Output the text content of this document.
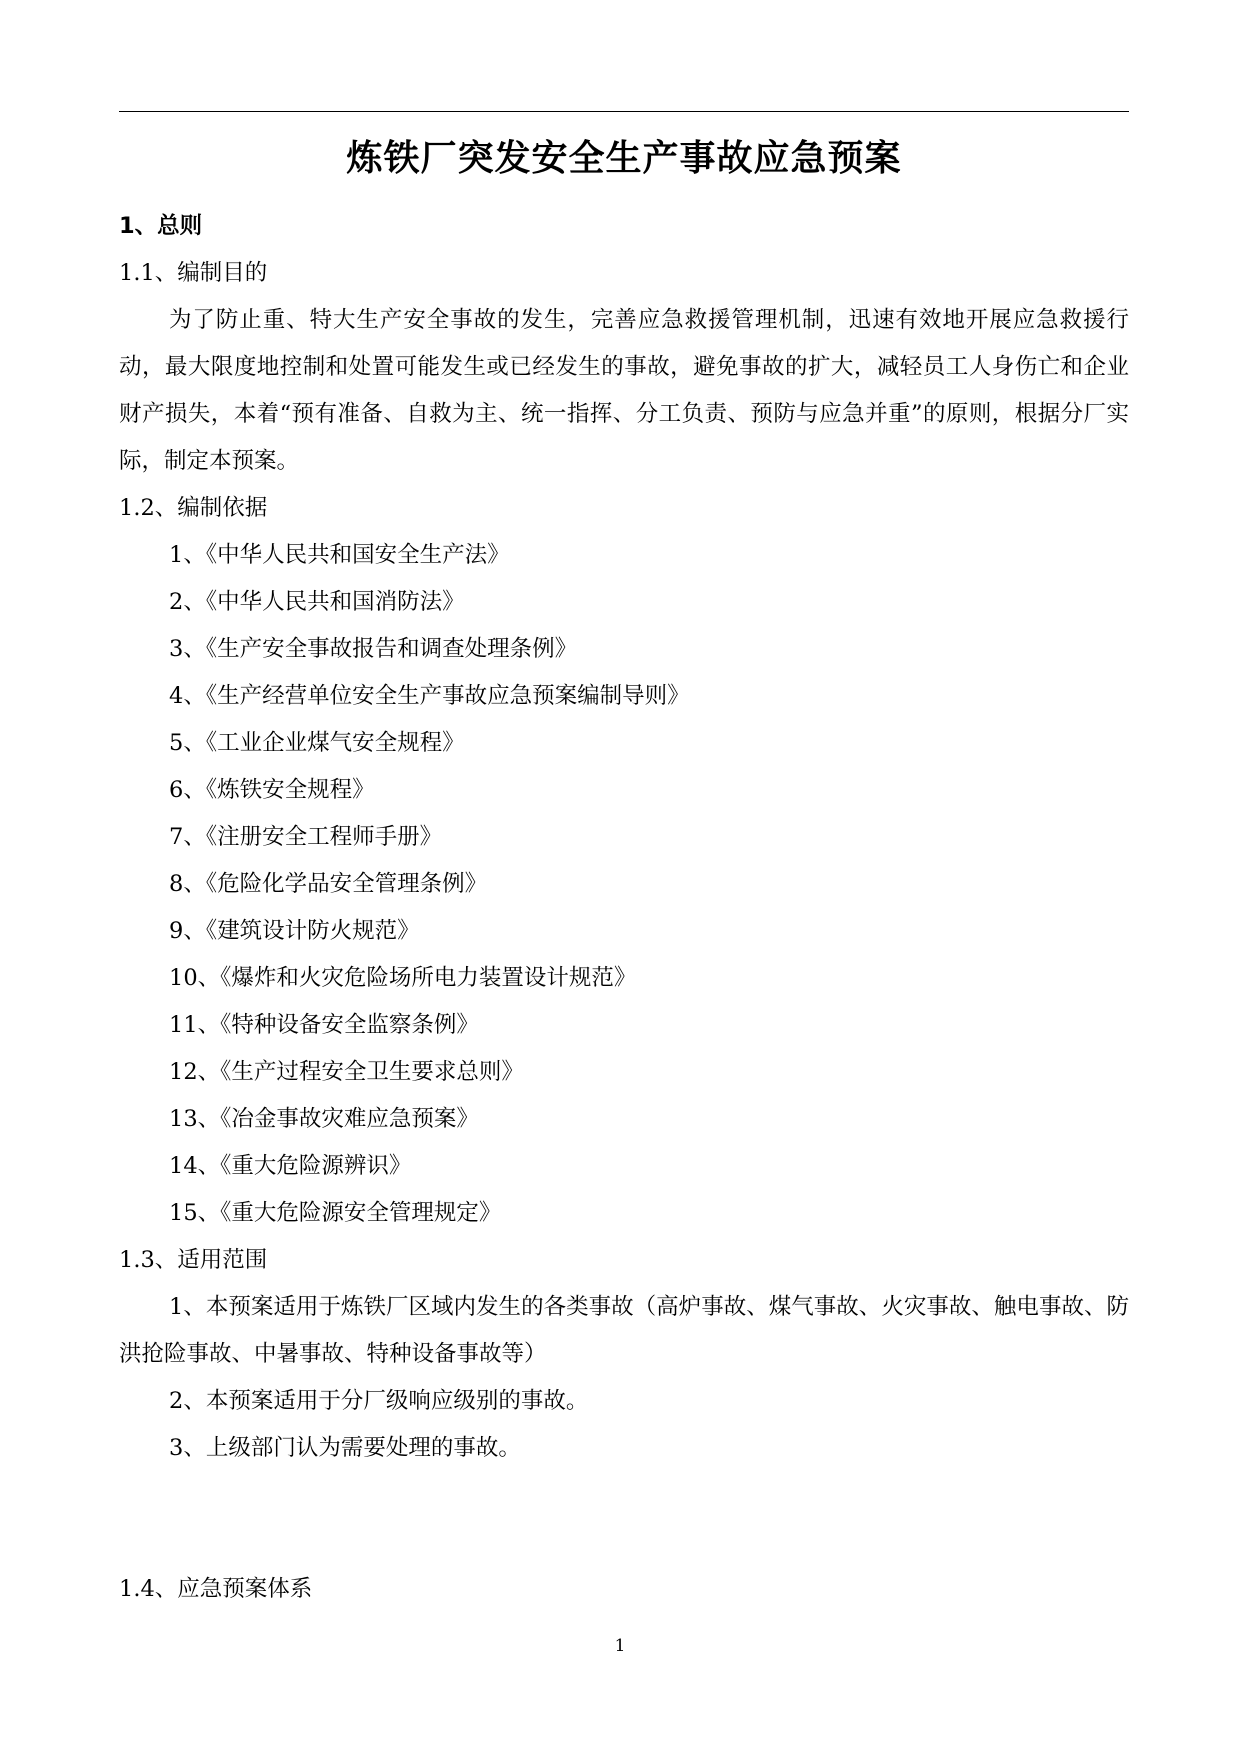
炼铁厂突发安全生产事故应急预案

1、总则

1.1、编制目的

为了防止重、特大生产安全事故的发生，完善应急救援管理机制，迅速有效地开展应急救援行动，最大限度地控制和处置可能发生或已经发生的事故，避免事故的扩大，减轻员工人身伤亡和企业财产损失，本着“预有准备、自救为主、统一指挥、分工负责、预防与应急并重”的原则，根据分厂实际，制定本预案。

1.2、编制依据

1、《中华人民共和国安全生产法》

2、《中华人民共和国消防法》

3、《生产安全事故报告和调查处理条例》

4、《生产经营单位安全生产事故应急预案编制导则》

5、《工业企业煤气安全规程》

6、《炼铁安全规程》

7、《注册安全工程师手册》

8、《危险化学品安全管理条例》

9、《建筑设计防火规范》

10、《爆炸和火灾危险场所电力装置设计规范》

11、《特种设备安全监察条例》

12、《生产过程安全卫生要求总则》

13、《冶金事故灾难应急预案》

14、《重大危险源辨识》

15、《重大危险源安全管理规定》

1.3、适用范围

1、本预案适用于炼铁厂区域内发生的各类事故（高炉事故、煤气事故、火灾事故、触电事故、防洪抢险事故、中暑事故、特种设备事故等）

2、本预案适用于分厂级响应级别的事故。

3、上级部门认为需要处理的事故。

1.4、应急预案体系

1
